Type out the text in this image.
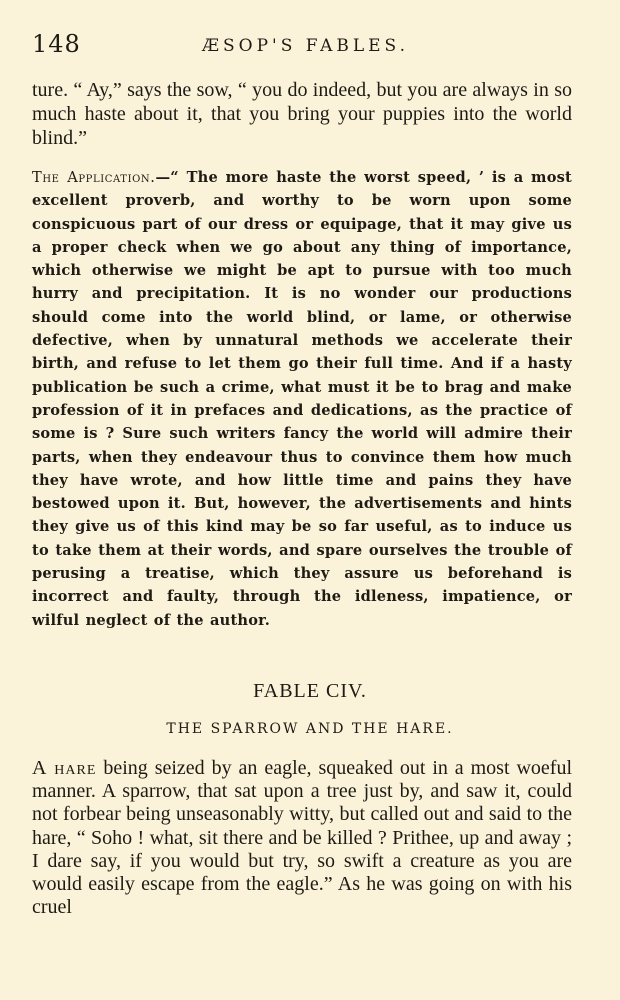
148	ÆSOP'S FABLES.

ture. “ Ay,” says the sow, “ you do indeed, but you are always in so much haste about it, that you bring your puppies into the world blind.”

The Application.—“ The more haste the worst speed, ’ is a most excellent proverb, and worthy to be worn upon some conspicuous part of our dress or equipage, that it may give us a proper check when we go about any thing of importance, which otherwise we might be apt to pursue with too much hurry and precipitation. It is no wonder our productions should come into the world blind, or lame, or otherwise defective, when by unnatural methods we accelerate their birth, and refuse to let them go their full time. And if a hasty publication be such a crime, what must it be to brag and make profession of it in prefaces and dedications, as the practice of some is ? Sure such writers fancy the world will admire their parts, when they endeavour thus to convince them how much they have wrote, and how little time and pains they have bestowed upon it. But, however, the advertisements and hints they give us of this kind may be so far useful, as to induce us to take them at their words, and spare ourselves the trouble of perusing a treatise, which they assure us beforehand is incorrect and faulty, through the idleness, impatience, or wilful neglect of the author.

FABLE CIV.
THE SPARROW AND THE HARE.

A hare being seized by an eagle, squeaked out in a most woeful manner. A sparrow, that sat upon a tree just by, and saw it, could not forbear being unseasonably witty, but called out and said to the hare, “ Soho ! what, sit there and be killed ? Prithee, up and away ; I dare say, if you would but try, so swift a creature as you are would easily escape from the eagle.” As he was going on with his cruel
